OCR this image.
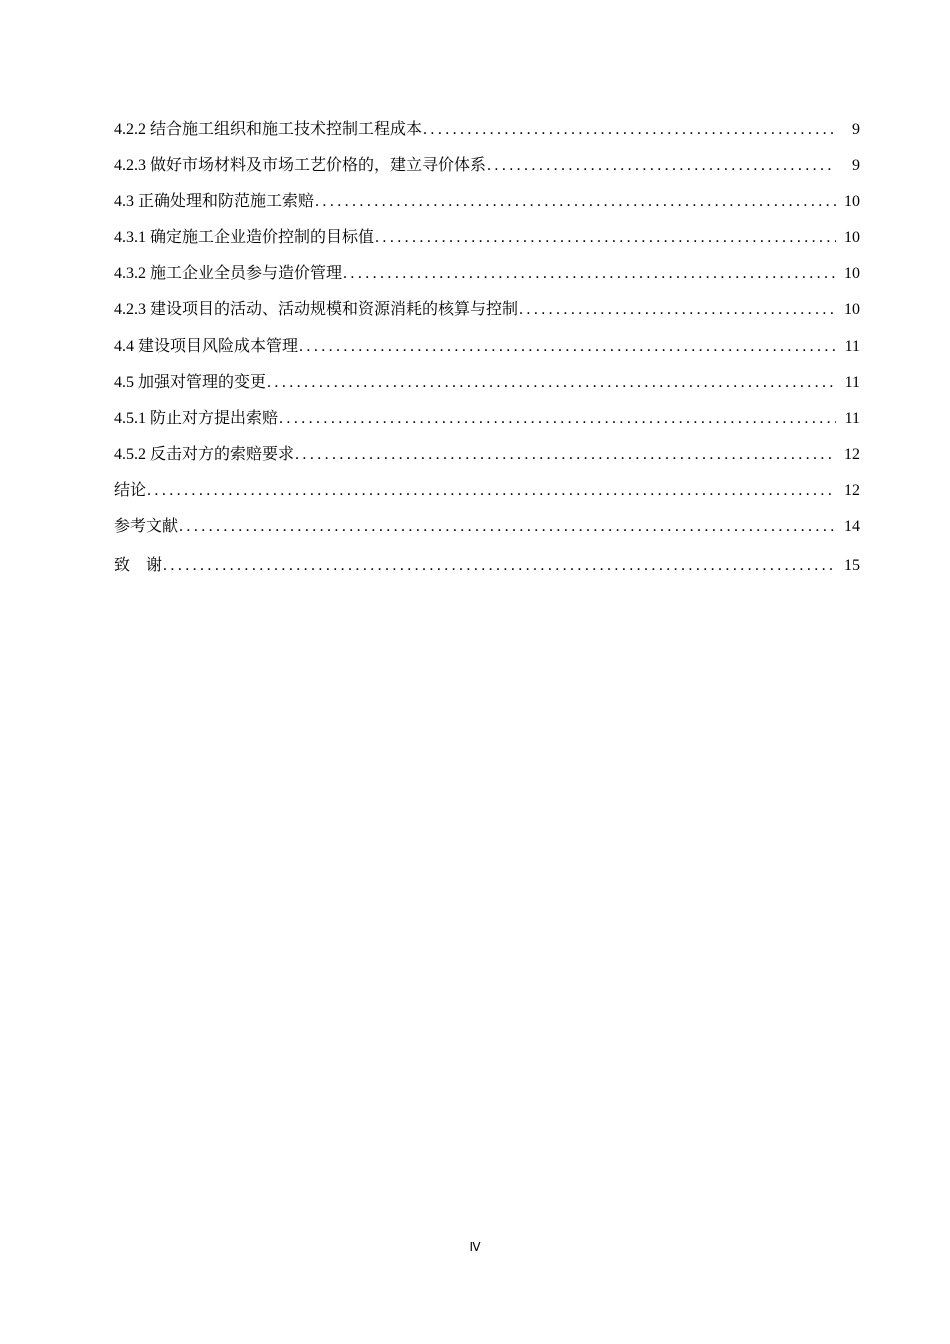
4.2.2 结合施工组织和施工技术控制工程成本 . . .	9
4.2.3 做好市场材料及市场工艺价格的，建立寻价体系 . . .	9
4.3 正确处理和防范施工索赔 . . .	10
4.3.1 确定施工企业造价控制的目标值 . . .	10
4.3.2 施工企业全员参与造价管理 . . .	10
4.2.3 建设项目的活动、活动规模和资源消耗的核算与控制 . . .	10
4.4 建设项目风险成本管理 . . .	11
4.5 加强对管理的变更 . . .	11
4.5.1 防止对方提出索赔 . . .	11
4.5.2 反击对方的索赔要求 . . .	12
结论 . . .	12
参考文献 . . .	14
致    谢 . . .	15
Ⅳ
